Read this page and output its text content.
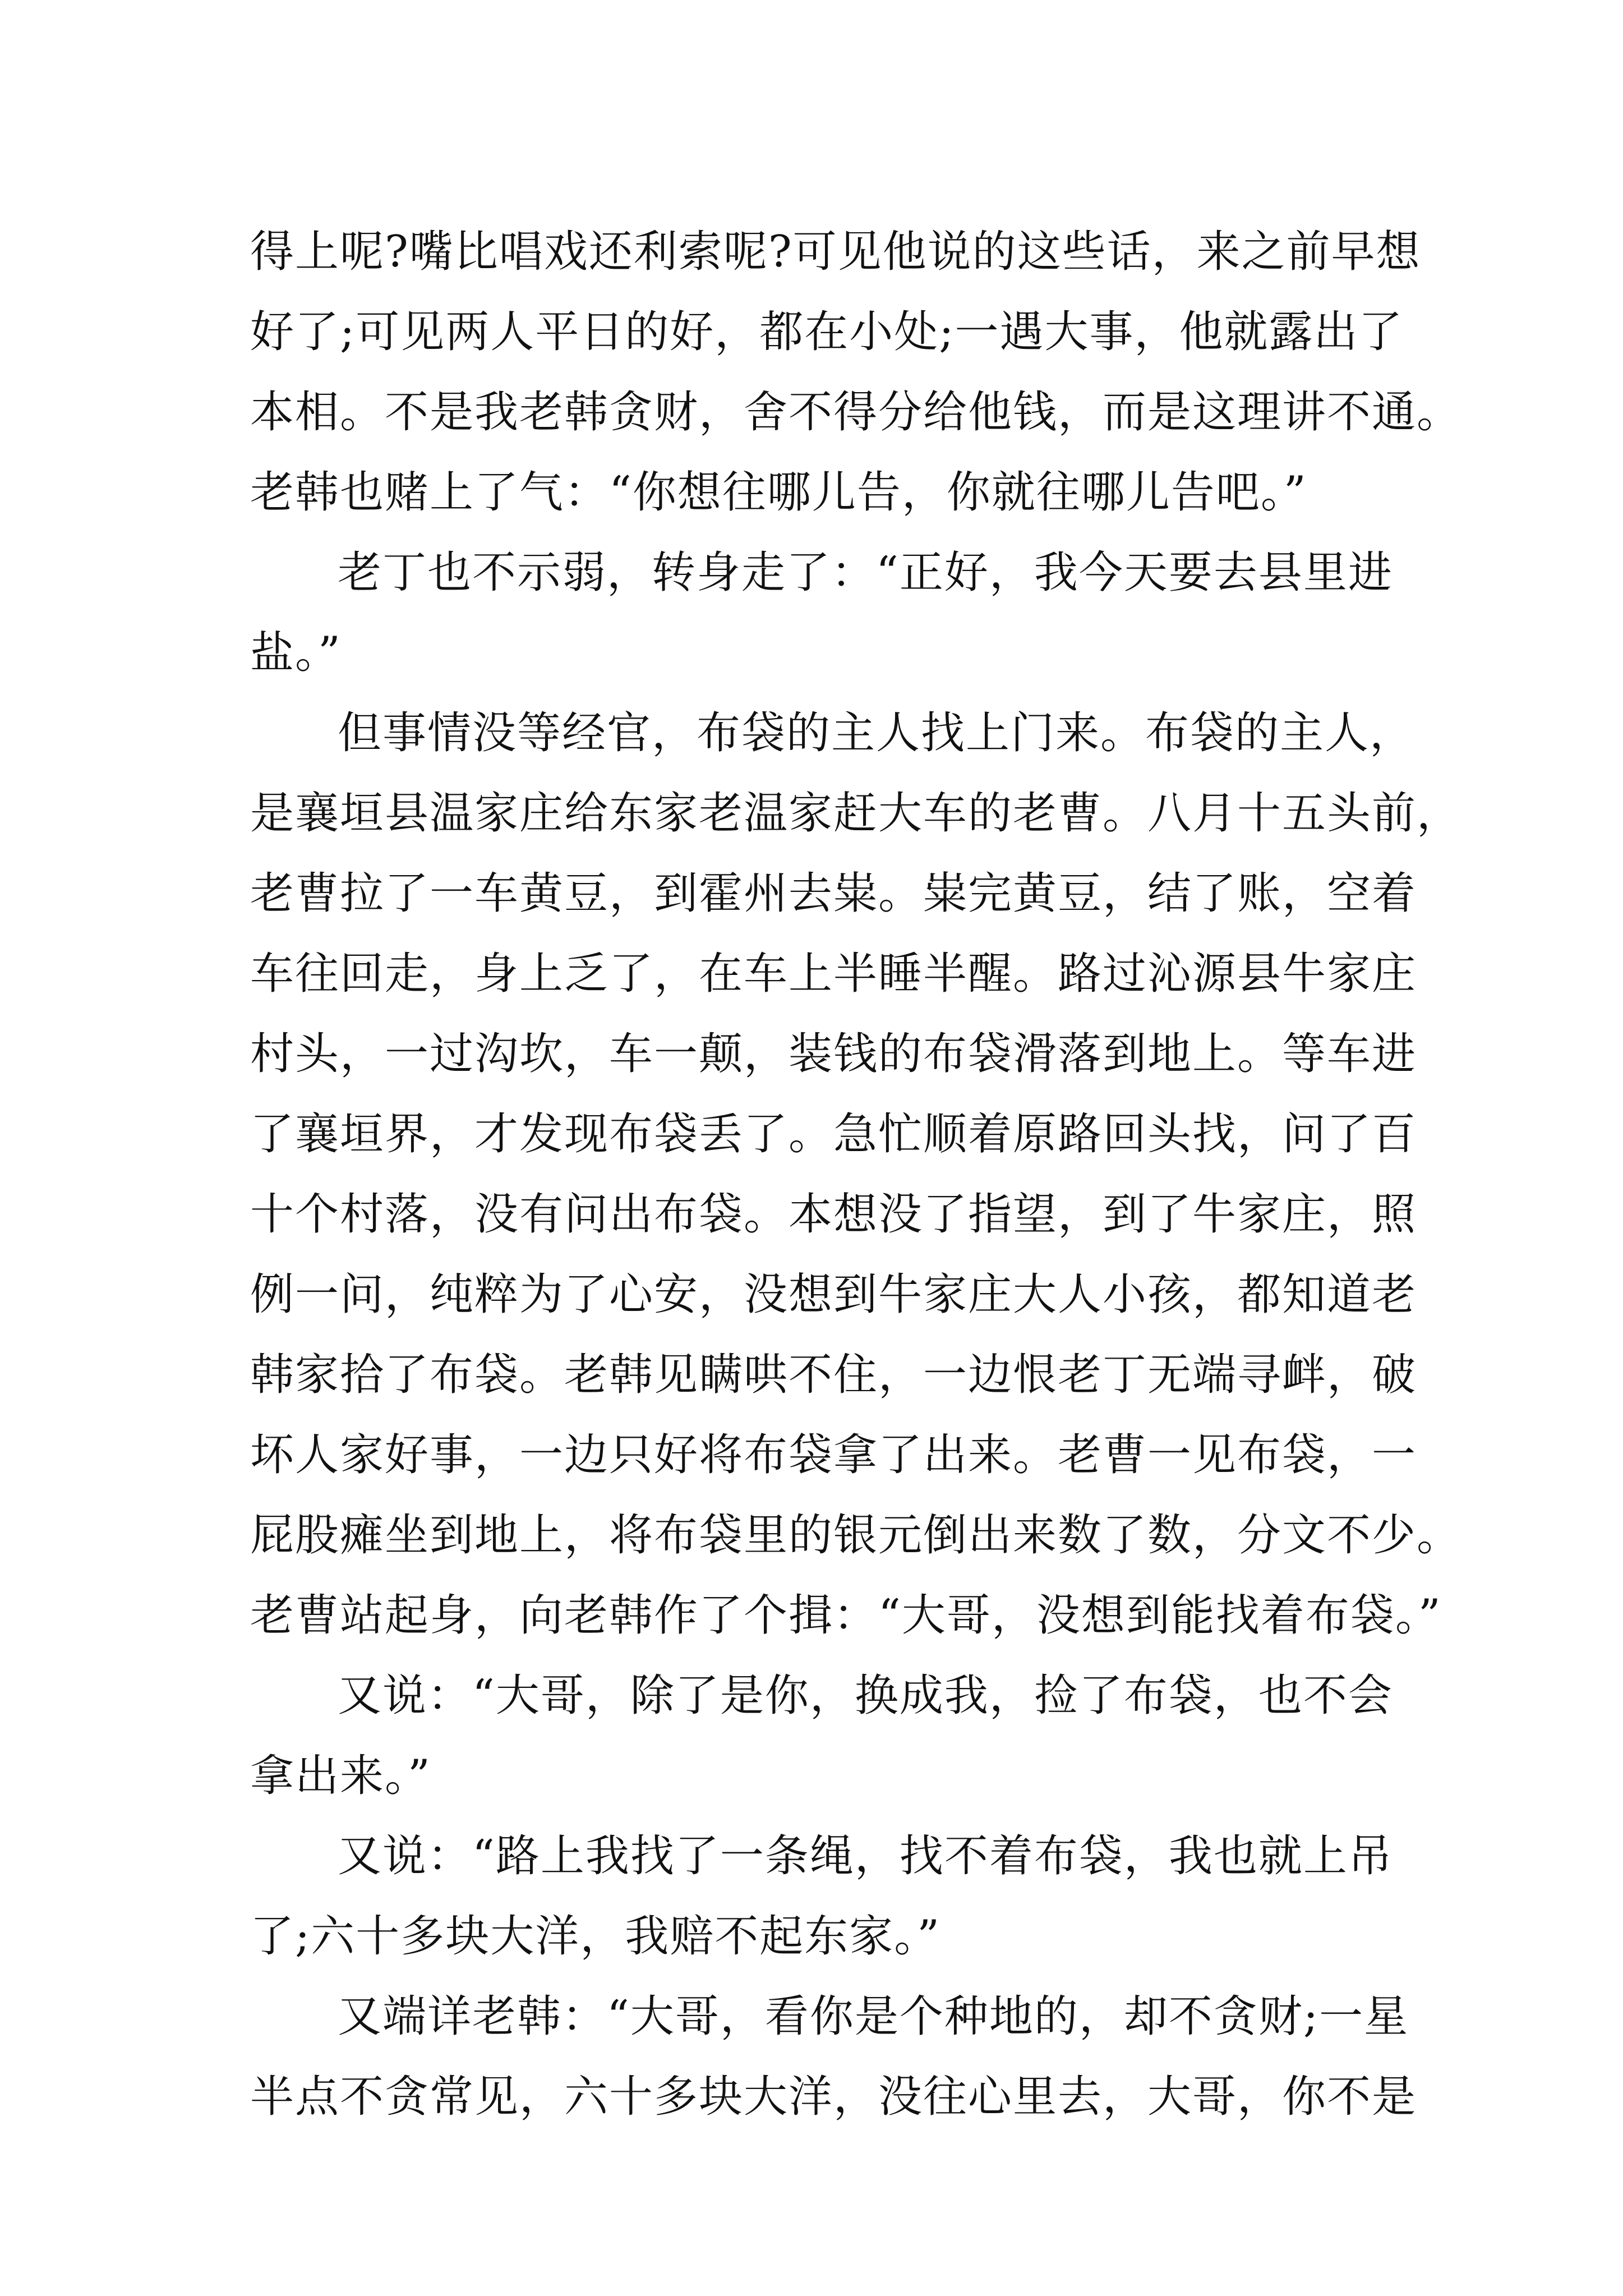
得上呢?嘴比唱戏还利索呢?可见他说的这些话，来之前早想
好了;可见两人平日的好，都在小处;一遇大事，他就露出了
本相。不是我老韩贪财，舍不得分给他钱，而是这理讲不通。
老韩也赌上了气：“你想往哪儿告，你就往哪儿告吧。”
老丁也不示弱，转身走了：“正好，我今天要去县里进
盐。”
但事情没等经官，布袋的主人找上门来。布袋的主人，
是襄垣县温家庄给东家老温家赶大车的老曹。八月十五头前，
老曹拉了一车黄豆，到霍州去粜。粜完黄豆，结了账，空着
车往回走，身上乏了，在车上半睡半醒。路过沁源县牛家庄
村头，一过沟坎，车一颠，装钱的布袋滑落到地上。等车进
了襄垣界，才发现布袋丢了。急忙顺着原路回头找，问了百
十个村落，没有问出布袋。本想没了指望，到了牛家庄，照
例一问，纯粹为了心安，没想到牛家庄大人小孩，都知道老
韩家拾了布袋。老韩见瞒哄不住，一边恨老丁无端寻衅，破
坏人家好事，一边只好将布袋拿了出来。老曹一见布袋，一
屁股瘫坐到地上，将布袋里的银元倒出来数了数，分文不少。
老曹站起身，向老韩作了个揖：“大哥，没想到能找着布袋。”
又说：“大哥，除了是你，换成我，捡了布袋，也不会
拿出来。”
又说：“路上我找了一条绳，找不着布袋，我也就上吊
了;六十多块大洋，我赔不起东家。”
又端详老韩：“大哥，看你是个种地的，却不贪财;一星
半点不贪常见，六十多块大洋，没往心里去，大哥，你不是
